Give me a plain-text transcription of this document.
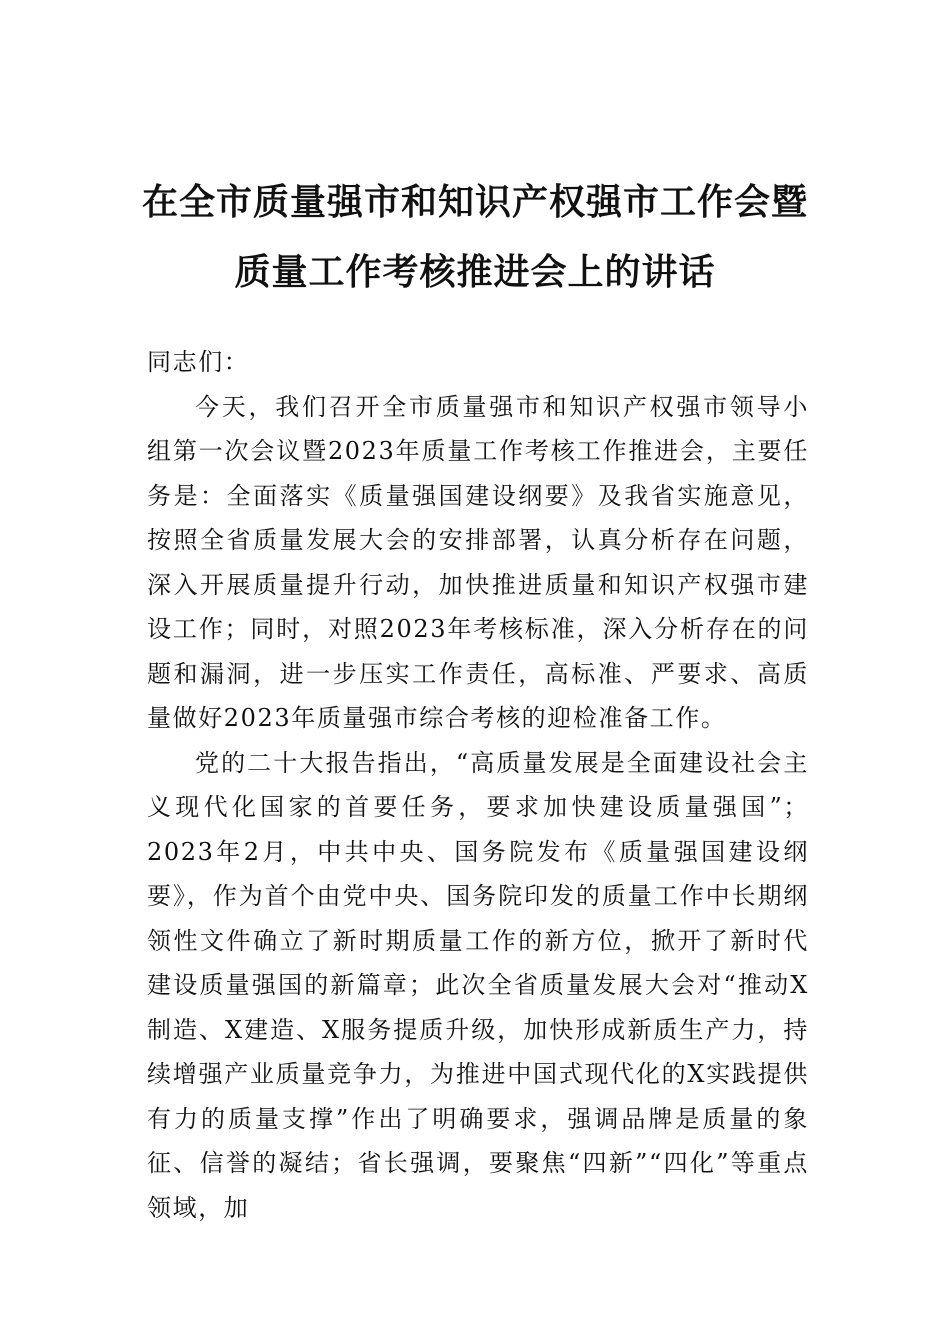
在全市质量强市和知识产权强市工作会暨
质量工作考核推进会上的讲话

同志们：

今天，我们召开全市质量强市和知识产权强市领导小组第一次会议暨2023年质量工作考核工作推进会，主要任务是：全面落实《质量强国建设纲要》及我省实施意见，按照全省质量发展大会的安排部署，认真分析存在问题，深入开展质量提升行动，加快推进质量和知识产权强市建设工作；同时，对照2023年考核标准，深入分析存在的问题和漏洞，进一步压实工作责任，高标准、严要求、高质量做好2023年质量强市综合考核的迎检准备工作。

党的二十大报告指出，“高质量发展是全面建设社会主义现代化国家的首要任务，要求加快建设质量强国”；2023年2月，中共中央、国务院发布《质量强国建设纲要》，作为首个由党中央、国务院印发的质量工作中长期纲领性文件确立了新时期质量工作的新方位，掀开了新时代建设质量强国的新篇章；此次全省质量发展大会对“推动X制造、X建造、X服务提质升级，加快形成新质生产力，持续增强产业质量竞争力，为推进中国式现代化的X实践提供有力的质量支撑”作出了明确要求，强调品牌是质量的象征、信誉的凝结；省长强调，要聚焦“四新”“四化”等重点领域，加
